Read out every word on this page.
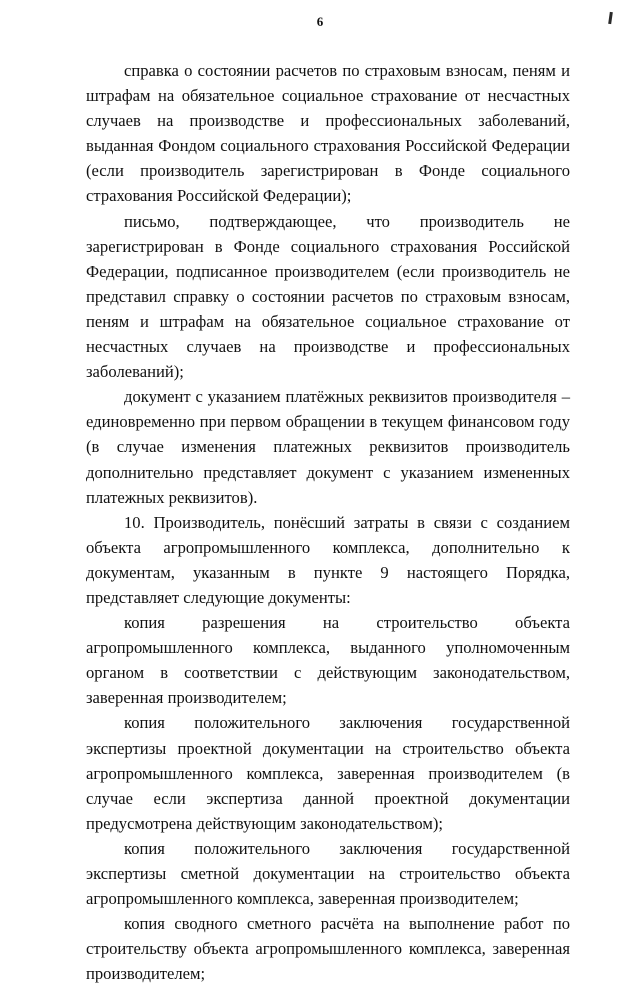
6

справка о состоянии расчетов по страховым взносам, пеням и штрафам на обязательное социальное страхование от несчастных случаев на производстве и профессиональных заболеваний, выданная Фондом социального страхования Российской Федерации (если производитель зарегистрирован в Фонде социального страхования Российской Федерации);

письмо, подтверждающее, что производитель не зарегистрирован в Фонде социального страхования Российской Федерации, подписанное производителем (если производитель не представил справку о состоянии расчетов по страховым взносам, пеням и штрафам на обязательное социальное страхование от несчастных случаев на производстве и профессиональных заболеваний);

документ с указанием платёжных реквизитов производителя – единовременно при первом обращении в текущем финансовом году (в случае изменения платежных реквизитов производитель дополнительно представляет документ с указанием измененных платежных реквизитов).

10. Производитель, понёсший затраты в связи с созданием объекта агропромышленного комплекса, дополнительно к документам, указанным в пункте 9 настоящего Порядка, представляет следующие документы:

копия разрешения на строительство объекта агропромышленного комплекса, выданного уполномоченным органом в соответствии с действующим законодательством, заверенная производителем;

копия положительного заключения государственной экспертизы проектной документации на строительство объекта агропромышленного комплекса, заверенная производителем (в случае если экспертиза данной проектной документации предусмотрена действующим законодательством);

копия положительного заключения государственной экспертизы сметной документации на строительство объекта агропромышленного комплекса, заверенная производителем;

копия сводного сметного расчёта на выполнение работ по строительству объекта агропромышленного комплекса, заверенная производителем;
